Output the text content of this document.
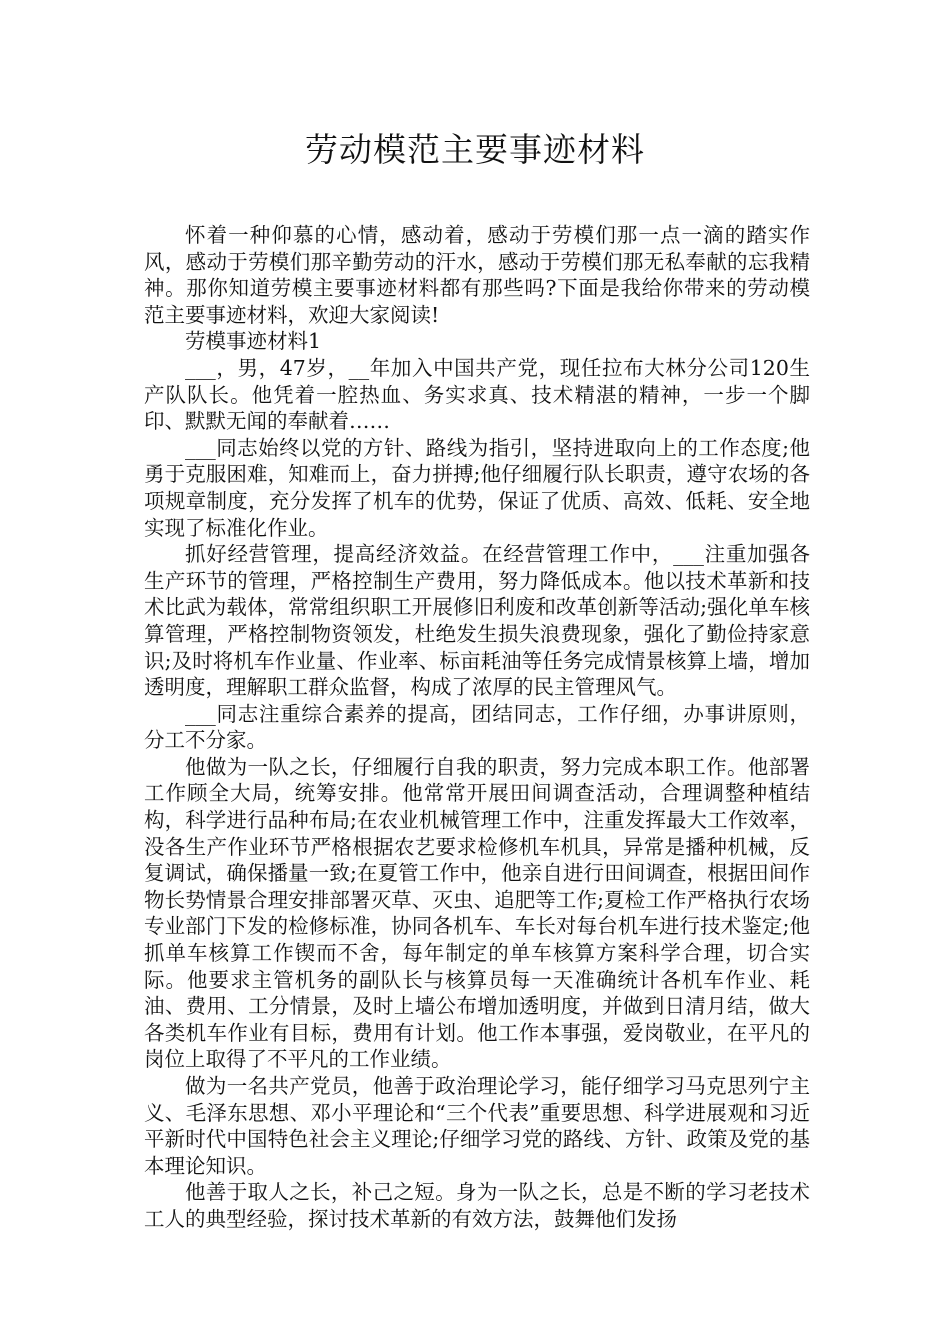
劳动模范主要事迹材料

怀着一种仰慕的心情，感动着，感动于劳模们那一点一滴的踏实作风，感动于劳模们那辛勤劳动的汗水，感动于劳模们那无私奉献的忘我精神。那你知道劳模主要事迹材料都有那些吗?下面是我给你带来的劳动模范主要事迹材料，欢迎大家阅读!

劳模事迹材料1

___，男，47岁，__年加入中国共产党，现任拉布大林分公司120生产队队长。他凭着一腔热血、务实求真、技术精湛的精神，一步一个脚印、默默无闻的奉献着……

___同志始终以党的方针、路线为指引，坚持进取向上的工作态度;他勇于克服困难，知难而上，奋力拼搏;他仔细履行队长职责，遵守农场的各项规章制度，充分发挥了机车的优势，保证了优质、高效、低耗、安全地实现了标准化作业。

抓好经营管理，提高经济效益。在经营管理工作中，___注重加强各生产环节的管理，严格控制生产费用，努力降低成本。他以技术革新和技术比武为载体，常常组织职工开展修旧利废和改革创新等活动;强化单车核算管理，严格控制物资领发，杜绝发生损失浪费现象，强化了勤俭持家意识;及时将机车作业量、作业率、标亩耗油等任务完成情景核算上墙，增加透明度，理解职工群众监督，构成了浓厚的民主管理风气。

___同志注重综合素养的提高，团结同志，工作仔细，办事讲原则，分工不分家。

他做为一队之长，仔细履行自我的职责，努力完成本职工作。他部署工作顾全大局，统筹安排。他常常开展田间调查活动，合理调整种植结构，科学进行品种布局;在农业机械管理工作中，注重发挥最大工作效率，没各生产作业环节严格根据农艺要求检修机车机具，异常是播种机械，反复调试，确保播量一致;在夏管工作中，他亲自进行田间调查，根据田间作物长势情景合理安排部署灭草、灭虫、追肥等工作;夏检工作严格执行农场专业部门下发的检修标准，协同各机车、车长对每台机车进行技术鉴定;他抓单车核算工作锲而不舍，每年制定的单车核算方案科学合理，切合实际。他要求主管机务的副队长与核算员每一天准确统计各机车作业、耗油、费用、工分情景，及时上墙公布增加透明度，并做到日清月结，做大各类机车作业有目标，费用有计划。他工作本事强，爱岗敬业，在平凡的岗位上取得了不平凡的工作业绩。

做为一名共产党员，他善于政治理论学习，能仔细学习马克思列宁主义、毛泽东思想、邓小平理论和“三个代表”重要思想、科学进展观和习近平新时代中国特色社会主义理论;仔细学习党的路线、方针、政策及党的基本理论知识。

他善于取人之长，补己之短。身为一队之长，总是不断的学习老技术工人的典型经验，探讨技术革新的有效方法，鼓舞他们发扬
